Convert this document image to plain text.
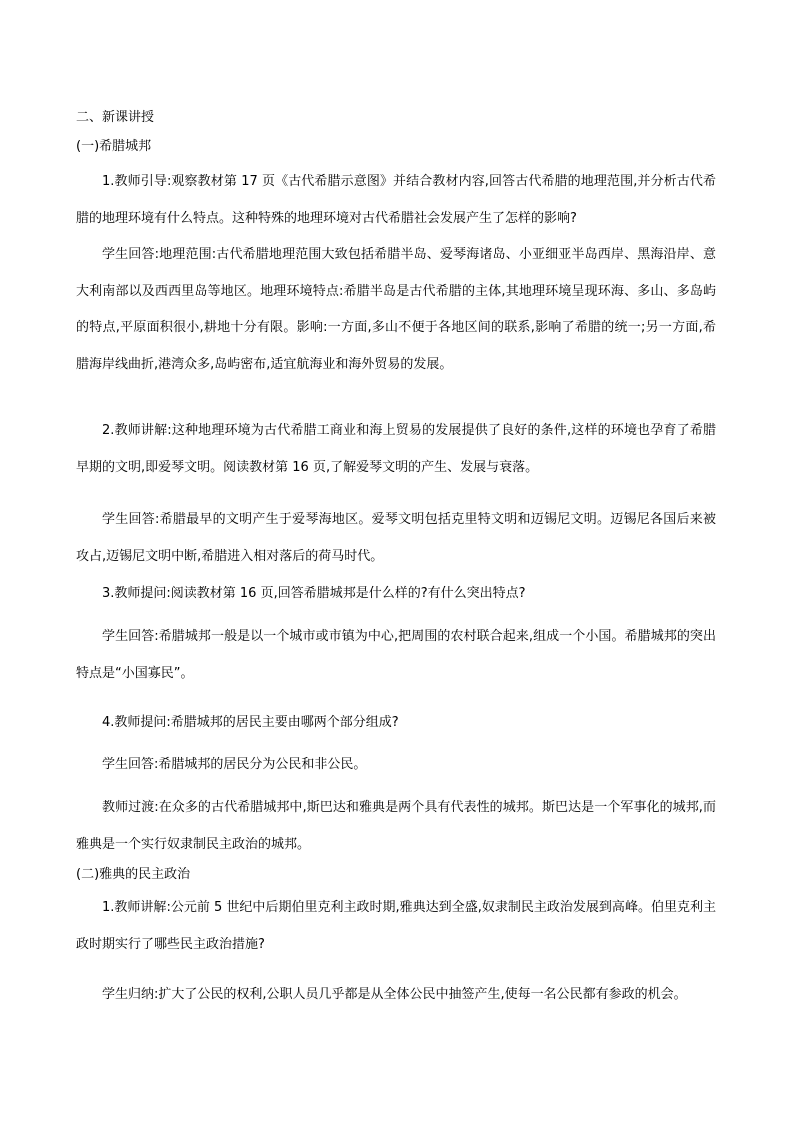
二、新课讲授
(一)希腊城邦

1.教师引导:观察教材第 17 页《古代希腊示意图》并结合教材内容,回答古代希腊的地理范围,并分析古代希腊的地理环境有什么特点。这种特殊的地理环境对古代希腊社会发展产生了怎样的影响?

学生回答:地理范围:古代希腊地理范围大致包括希腊半岛、爱琴海诸岛、小亚细亚半岛西岸、黑海沿岸、意大利南部以及西西里岛等地区。地理环境特点:希腊半岛是古代希腊的主体,其地理环境呈现环海、多山、多岛屿的特点,平原面积很小,耕地十分有限。影响:一方面,多山不便于各地区间的联系,影响了希腊的统一;另一方面,希腊海岸线曲折,港湾众多,岛屿密布,适宜航海业和海外贸易的发展。

2.教师讲解:这种地理环境为古代希腊工商业和海上贸易的发展提供了良好的条件,这样的环境也孕育了希腊早期的文明,即爱琴文明。阅读教材第 16 页,了解爱琴文明的产生、发展与衰落。

学生回答:希腊最早的文明产生于爱琴海地区。爱琴文明包括克里特文明和迈锡尼文明。迈锡尼各国后来被攻占,迈锡尼文明中断,希腊进入相对落后的荷马时代。

3.教师提问:阅读教材第 16 页,回答希腊城邦是什么样的?有什么突出特点?

学生回答:希腊城邦一般是以一个城市或市镇为中心,把周围的农村联合起来,组成一个小国。希腊城邦的突出特点是“小国寡民”。

4.教师提问:希腊城邦的居民主要由哪两个部分组成?

学生回答:希腊城邦的居民分为公民和非公民。

教师过渡:在众多的古代希腊城邦中,斯巴达和雅典是两个具有代表性的城邦。斯巴达是一个军事化的城邦,而雅典是一个实行奴隶制民主政治的城邦。

(二)雅典的民主政治

1.教师讲解:公元前 5 世纪中后期伯里克利主政时期,雅典达到全盛,奴隶制民主政治发展到高峰。伯里克利主政时期实行了哪些民主政治措施?

学生归纳:扩大了公民的权利,公职人员几乎都是从全体公民中抽签产生,使每一名公民都有参政的机会。
